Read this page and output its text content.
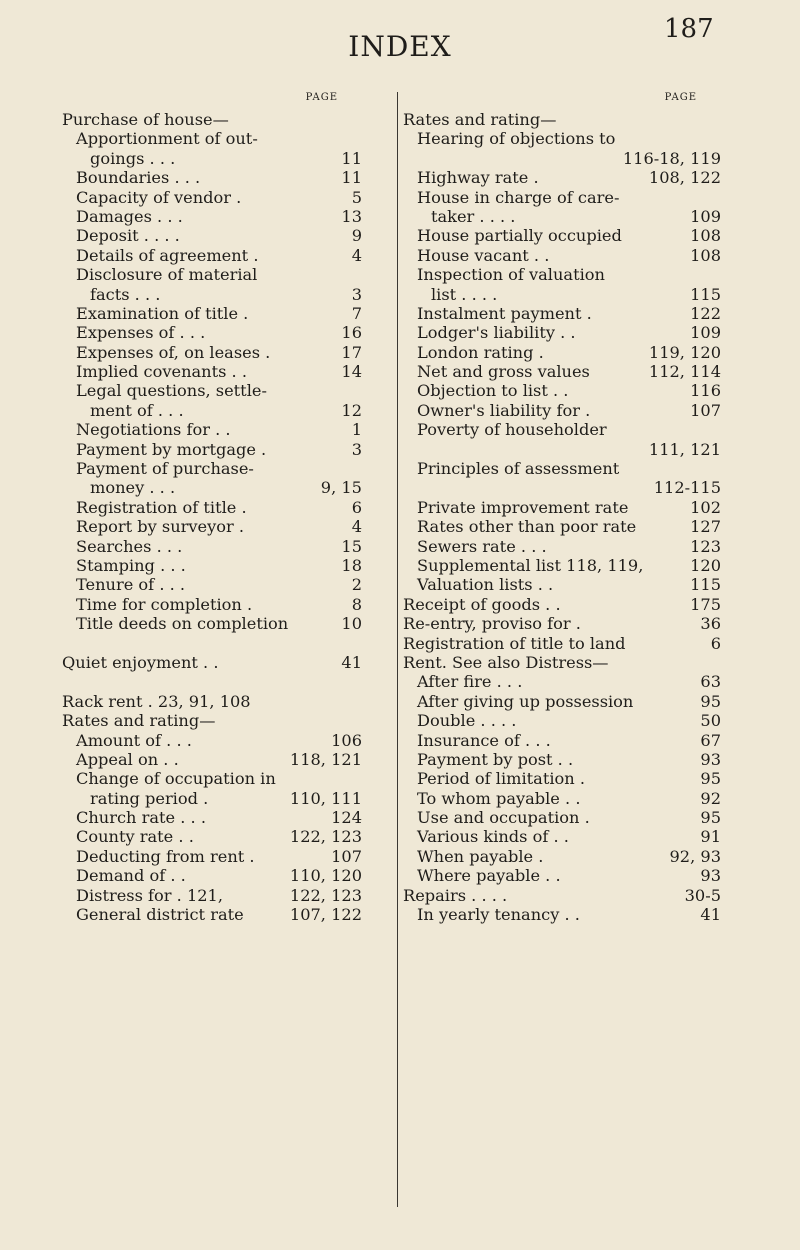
INDEX
187
PAGE
Purchase of house—
Apportionment of out-
goings . . .	11
Boundaries . . .	11
Capacity of vendor .	5
Damages . . .	13
Deposit . . . .	9
Details of agreement .	4
Disclosure of material
facts . . .	3
Examination of title .	7
Expenses of . . .	16
Expenses of, on leases .	17
Implied covenants . .	14
Legal questions, settle-
ment of . . .	12
Negotiations for . .	1
Payment by mortgage .	3
Payment of purchase-
money . . .	9, 15
Registration of title .	6
Report by surveyor .	4
Searches . . .	15
Stamping . . .	18
Tenure of . . .	2
Time for completion .	8
Title deeds on completion	10
Quiet enjoyment . .	41
Rack rent . 23, 91, 108
Rates and rating—
Amount of . . .	106
Appeal on . .	118, 121
Change of occupation in
rating period .	110, 111
Church rate . . .	124
County rate . .	122, 123
Deducting from rent .	107
Demand of . .	110, 120
Distress for . 121,	122, 123
General district rate	107, 122
PAGE
Rates and rating—
Hearing of objections to
116-18, 119
Highway rate .	108, 122
House in charge of care-
taker . . . .	109
House partially occupied	108
House vacant . .	108
Inspection of valuation
list . . . .	115
Instalment payment .	122
Lodger's liability . .	109
London rating .	119, 120
Net and gross values	112, 114
Objection to list . .	116
Owner's liability for .	107
Poverty of householder
111, 121
Principles of assessment
112-115
Private improvement rate	102
Rates other than poor rate	127
Sewers rate . . .	123
Supplemental list 118, 119,	120
Valuation lists . .	115
Receipt of goods . .	175
Re-entry, proviso for .	36
Registration of title to land	6
Rent. See also Distress—
After fire . . .	63
After giving up possession	95
Double . . . .	50
Insurance of . . .	67
Payment by post . .	93
Period of limitation .	95
To whom payable . .	92
Use and occupation .	95
Various kinds of . .	91
When payable .	92, 93
Where payable . .	93
Repairs . . . .	30-5
In yearly tenancy . .	41
